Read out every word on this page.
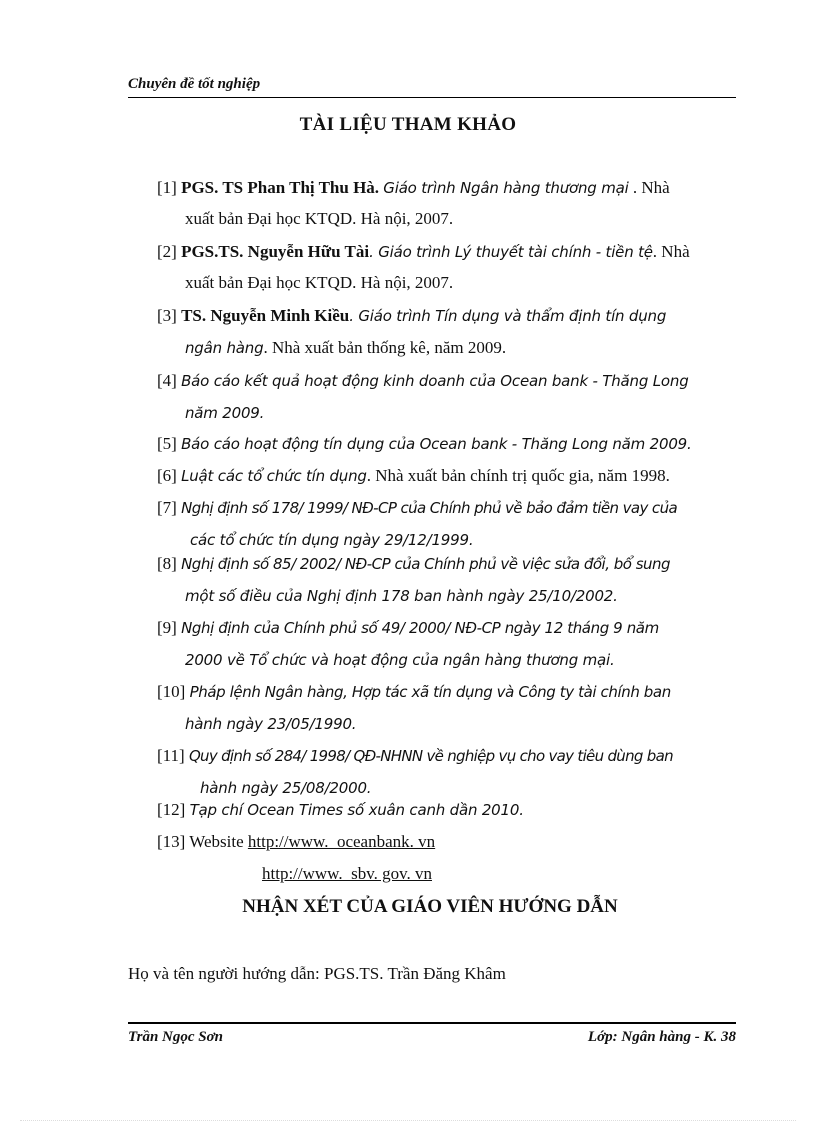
Chuyên đề tốt nghiệp
TÀI LIỆU THAM KHẢO
[1] PGS. TS Phan Thị Thu Hà. Giáo trình Ngân hàng thương mại . Nhà
xuất bản Đại học KTQD. Hà nội, 2007.
[2] PGS.TS. Nguyễn Hữu Tài. Giáo trình Lý thuyết tài chính - tiền tệ. Nhà
xuất bản Đại học KTQD. Hà nội, 2007.
[3] TS. Nguyễn Minh Kiều. Giáo trình Tín dụng và thẩm định tín dụng
ngân hàng. Nhà xuất bản thống kê, năm 2009.
[4] Báo cáo kết quả hoạt động kinh doanh của Ocean bank - Thăng Long
năm 2009.
[5] Báo cáo hoạt động tín dụng của Ocean bank - Thăng Long năm 2009.
[6] Luật các tổ chức tín dụng. Nhà xuất bản chính trị quốc gia, năm 1998.
[7] Nghị định số 178/ 1999/ NĐ-CP của Chính phủ về bảo đảm tiền vay của
các tổ chức tín dụng ngày 29/12/1999.
[8] Nghị định số 85/ 2002/ NĐ-CP của Chính phủ về việc sửa đổi, bổ sung
một số điều của Nghị định 178 ban hành ngày 25/10/2002.
[9] Nghị định của Chính phủ số 49/ 2000/ NĐ-CP ngày 12 tháng 9 năm
2000 về Tổ chức và hoạt động của ngân hàng thương mại.
[10] Pháp lệnh Ngân hàng, Hợp tác xã tín dụng và Công ty tài chính ban
hành ngày 23/05/1990.
[11] Quy định số 284/ 1998/ QĐ-NHNN về nghiệp vụ cho vay tiêu dùng ban
hành ngày 25/08/2000.
[12] Tạp chí Ocean Times số xuân canh dần 2010.
[13] Website http://www.  oceanbank. vn
http://www.  sbv. gov. vn
NHẬN XÉT CỦA GIÁO VIÊN HƯỚNG DẪN
Họ và tên người hướng dẫn: PGS.TS. Trần Đăng Khâm
Trần Ngọc Sơn	Lớp: Ngân hàng - K. 38
